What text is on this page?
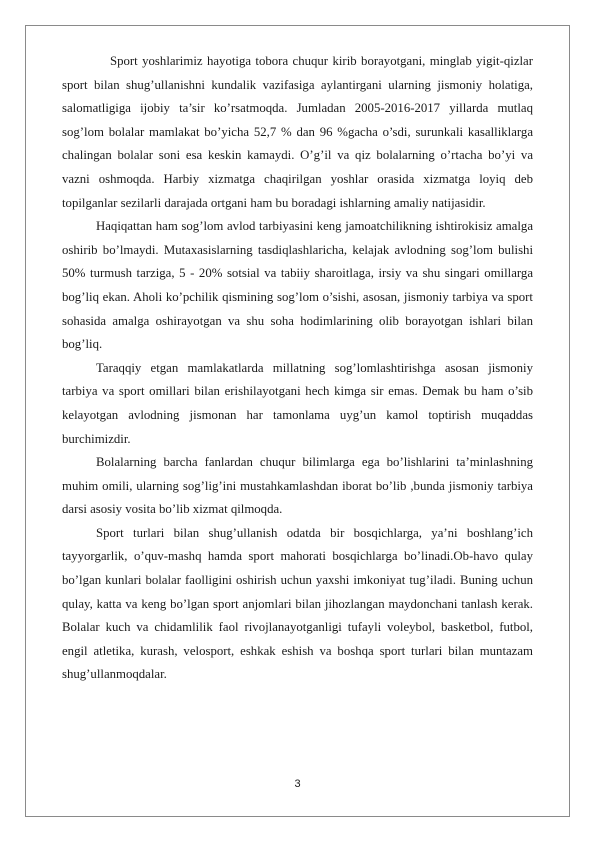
Sport yoshlarimiz hayotiga tobora chuqur kirib borayotgani, minglab yigit-qizlar sport bilan shug’ullanishni kundalik vazifasiga aylantirgani ularning jismoniy holatiga, salomatligiga ijobiy ta’sir ko’rsatmoqda. Jumladan 2005-2016-2017 yillarda mutlaq sog’lom bolalar mamlakat bo’yicha 52,7 % dan 96 %gacha o’sdi, surunkali kasalliklarga chalingan bolalar soni esa keskin kamaydi. O’g’il va qiz bolalarning o’rtacha bo’yi va vazni oshmoqda. Harbiy xizmatga chaqirilgan yoshlar orasida xizmatga loyiq deb topilganlar sezilarli darajada ortgani ham bu boradagi ishlarning amaliy natijasidir.

Haqiqattan ham sog’lom avlod tarbiyasini keng jamoatchilikning ishtirokisiz amalga oshirib bo’lmaydi. Mutaxasislarning tasdiqlashlaricha, kelajak avlodning sog’lom bulishi 50% turmush tarziga, 5 - 20% sotsial va tabiiy sharoitlaga, irsiy va shu singari omillarga bog’liq ekan. Aholi ko’pchilik qismining sog’lom o’sishi, asosan, jismoniy tarbiya va sport sohasida amalga oshirayotgan va shu soha hodimlarining olib borayotgan ishlari bilan bog’liq.

Taraqqiy etgan mamlakatlarda millatning sog’lomlashtirishga asosan jismoniy tarbiya va sport omillari bilan erishilayotgani hech kimga sir emas. Demak bu ham o’sib kelayotgan avlodning jismonan har tamonlama uyg’un kamol toptirish muqaddas burchimizdir.

Bolalarning barcha fanlardan chuqur bilimlarga ega bo’lishlarini ta’minlashning muhim omili, ularning sog’lig’ini mustahkamlashdan iborat bo’lib ,bunda jismoniy tarbiya darsi asosiy vosita bo’lib xizmat qilmoqda.

Sport turlari bilan shug’ullanish odatda bir bosqichlarga, ya’ni boshlang’ich tayyorgarlik, o’quv-mashq hamda sport mahorati bosqichlarga bo’linadi.Ob-havo qulay bo’lgan kunlari bolalar faolligini oshirish uchun yaxshi imkoniyat tug’iladi. Buning uchun qulay, katta va keng bo’lgan sport anjomlari bilan jihozlangan maydonchani tanlash kerak. Bolalar kuch va chidamlilik faol rivojlanayotganligi tufayli voleybol, basketbol, futbol, engil atletika, kurash, velosport, eshkak eshish va boshqa sport turlari bilan muntazam shug’ullanmoqdalar.

3
